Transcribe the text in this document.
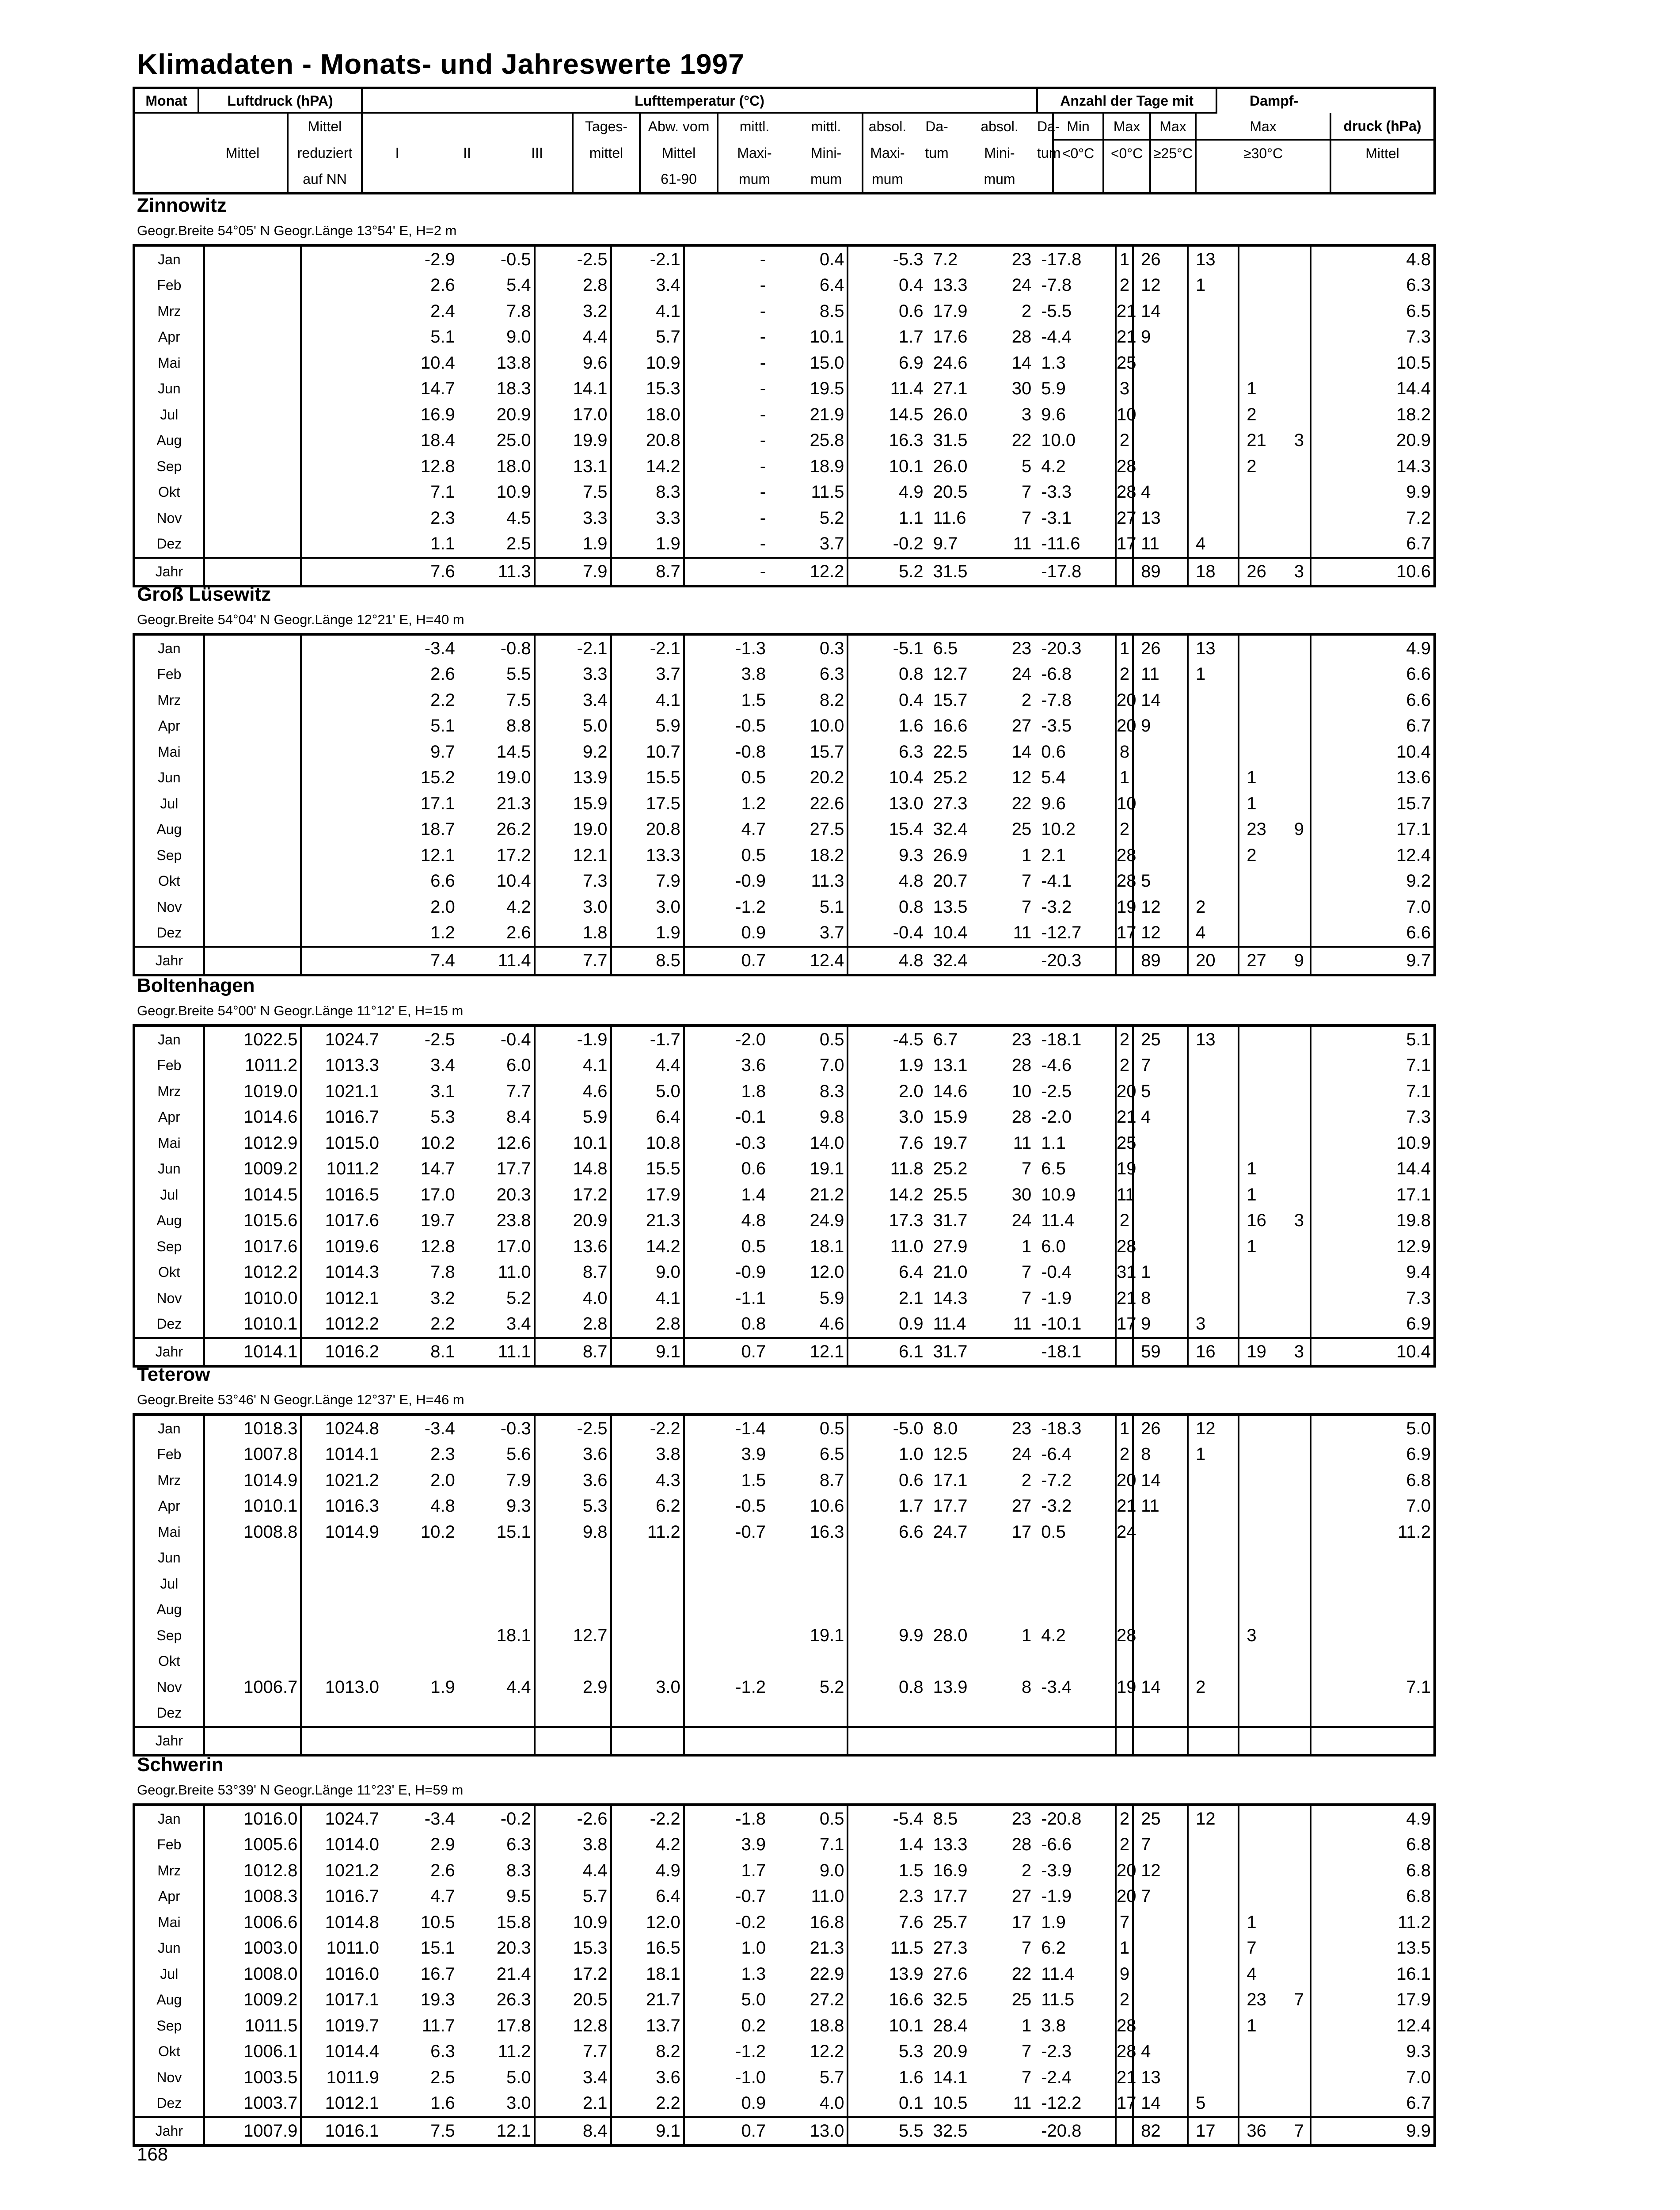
Klimadaten - Monats- und Jahreswerte 1997
Monat	Luftdruck (hPA)		Lufttemperatur (°C)										Anzahl der Tage mit					Dampf-	
		Mittel				Tages-	Abw. vom	mittl.	mittl.	absol.	Da-	absol.	Da-	Min	Max	Max	Max		druck (hPa)
	Mittel	reduziert	I	II	III	mittel	Mittel	Maxi-	Mini-	Maxi-	tum	Mini-	tum	<0°C	<0°C	≥25°C	≥30°C		Mittel
		auf NN					61-90	mum	mum	mum		mum							
Zinnowitz
Geogr.Breite 54°05' N Geogr.Länge 13°54' E, H=2 m
Jan			-2.9	-0.5	-2.5	-2.1	-	0.4	-5.3	7.2	23	-17.8	1	26	13			4.8
Feb			2.6	5.4	2.8	3.4	-	6.4	0.4	13.3	24	-7.8	2	12	1			6.3
Mrz			2.4	7.8	3.2	4.1	-	8.5	0.6	17.9	2	-5.5	21	14				6.5
Apr			5.1	9.0	4.4	5.7	-	10.1	1.7	17.6	28	-4.4	21	9				7.3
Mai			10.4	13.8	9.6	10.9	-	15.0	6.9	24.6	14	1.3	25					10.5
Jun			14.7	18.3	14.1	15.3	-	19.5	11.4	27.1	30	5.9	3			1		14.4
Jul			16.9	20.9	17.0	18.0	-	21.9	14.5	26.0	3	9.6	10			2		18.2
Aug			18.4	25.0	19.9	20.8	-	25.8	16.3	31.5	22	10.0	2			21	3	20.9
Sep			12.8	18.0	13.1	14.2	-	18.9	10.1	26.0	5	4.2	28			2		14.3
Okt			7.1	10.9	7.5	8.3	-	11.5	4.9	20.5	7	-3.3	28	4				9.9
Nov			2.3	4.5	3.3	3.3	-	5.2	1.1	11.6	7	-3.1	27	13				7.2
Dez			1.1	2.5	1.9	1.9	-	3.7	-0.2	9.7	11	-11.6	17	11	4			6.7
Jahr			7.6	11.3	7.9	8.7	-	12.2	5.2	31.5		-17.8		89	18	26	3	10.6
Groß Lüsewitz
Geogr.Breite 54°04' N Geogr.Länge 12°21' E, H=40 m
Jan			-3.4	-0.8	-2.1	-2.1	-1.3	0.3	-5.1	6.5	23	-20.3	1	26	13			4.9
Feb			2.6	5.5	3.3	3.7	3.8	6.3	0.8	12.7	24	-6.8	2	11	1			6.6
Mrz			2.2	7.5	3.4	4.1	1.5	8.2	0.4	15.7	2	-7.8	20	14				6.6
Apr			5.1	8.8	5.0	5.9	-0.5	10.0	1.6	16.6	27	-3.5	20	9				6.7
Mai			9.7	14.5	9.2	10.7	-0.8	15.7	6.3	22.5	14	0.6	8					10.4
Jun			15.2	19.0	13.9	15.5	0.5	20.2	10.4	25.2	12	5.4	1			1		13.6
Jul			17.1	21.3	15.9	17.5	1.2	22.6	13.0	27.3	22	9.6	10			1		15.7
Aug			18.7	26.2	19.0	20.8	4.7	27.5	15.4	32.4	25	10.2	2			23	9	17.1
Sep			12.1	17.2	12.1	13.3	0.5	18.2	9.3	26.9	1	2.1	28			2		12.4
Okt			6.6	10.4	7.3	7.9	-0.9	11.3	4.8	20.7	7	-4.1	28	5				9.2
Nov			2.0	4.2	3.0	3.0	-1.2	5.1	0.8	13.5	7	-3.2	19	12	2			7.0
Dez			1.2	2.6	1.8	1.9	0.9	3.7	-0.4	10.4	11	-12.7	17	12	4			6.6
Jahr			7.4	11.4	7.7	8.5	0.7	12.4	4.8	32.4		-20.3		89	20	27	9	9.7
Boltenhagen
Geogr.Breite 54°00' N Geogr.Länge 11°12' E, H=15 m
Jan	1022.5	1024.7	-2.5	-0.4	-1.9	-1.7	-2.0	0.5	-4.5	6.7	23	-18.1	2	25	13			5.1
Feb	1011.2	1013.3	3.4	6.0	4.1	4.4	3.6	7.0	1.9	13.1	28	-4.6	2	7				7.1
Mrz	1019.0	1021.1	3.1	7.7	4.6	5.0	1.8	8.3	2.0	14.6	10	-2.5	20	5				7.1
Apr	1014.6	1016.7	5.3	8.4	5.9	6.4	-0.1	9.8	3.0	15.9	28	-2.0	21	4				7.3
Mai	1012.9	1015.0	10.2	12.6	10.1	10.8	-0.3	14.0	7.6	19.7	11	1.1	25					10.9
Jun	1009.2	1011.2	14.7	17.7	14.8	15.5	0.6	19.1	11.8	25.2	7	6.5	19			1		14.4
Jul	1014.5	1016.5	17.0	20.3	17.2	17.9	1.4	21.2	14.2	25.5	30	10.9	11			1		17.1
Aug	1015.6	1017.6	19.7	23.8	20.9	21.3	4.8	24.9	17.3	31.7	24	11.4	2			16	3	19.8
Sep	1017.6	1019.6	12.8	17.0	13.6	14.2	0.5	18.1	11.0	27.9	1	6.0	28			1		12.9
Okt	1012.2	1014.3	7.8	11.0	8.7	9.0	-0.9	12.0	6.4	21.0	7	-0.4	31	1				9.4
Nov	1010.0	1012.1	3.2	5.2	4.0	4.1	-1.1	5.9	2.1	14.3	7	-1.9	21	8				7.3
Dez	1010.1	1012.2	2.2	3.4	2.8	2.8	0.8	4.6	0.9	11.4	11	-10.1	17	9	3			6.9
Jahr	1014.1	1016.2	8.1	11.1	8.7	9.1	0.7	12.1	6.1	31.7		-18.1		59	16	19	3	10.4
Teterow
Geogr.Breite 53°46' N Geogr.Länge 12°37' E, H=46 m
Jan	1018.3	1024.8	-3.4	-0.3	-2.5	-2.2	-1.4	0.5	-5.0	8.0	23	-18.3	1	26	12			5.0
Feb	1007.8	1014.1	2.3	5.6	3.6	3.8	3.9	6.5	1.0	12.5	24	-6.4	2	8	1			6.9
Mrz	1014.9	1021.2	2.0	7.9	3.6	4.3	1.5	8.7	0.6	17.1	2	-7.2	20	14				6.8
Apr	1010.1	1016.3	4.8	9.3	5.3	6.2	-0.5	10.6	1.7	17.7	27	-3.2	21	11				7.0
Mai	1008.8	1014.9	10.2	15.1	9.8	11.2	-0.7	16.3	6.6	24.7	17	0.5	24					11.2
Jun																		
Jul																		
Aug																		
Sep				18.1	12.7			19.1	9.9	28.0	1	4.2	28			3		
Okt																		
Nov	1006.7	1013.0	1.9	4.4	2.9	3.0	-1.2	5.2	0.8	13.9	8	-3.4	19	14	2			7.1
Dez																		
Jahr																		
Schwerin
Geogr.Breite 53°39' N Geogr.Länge 11°23' E, H=59 m
Jan	1016.0	1024.7	-3.4	-0.2	-2.6	-2.2	-1.8	0.5	-5.4	8.5	23	-20.8	2	25	12			4.9
Feb	1005.6	1014.0	2.9	6.3	3.8	4.2	3.9	7.1	1.4	13.3	28	-6.6	2	7				6.8
Mrz	1012.8	1021.2	2.6	8.3	4.4	4.9	1.7	9.0	1.5	16.9	2	-3.9	20	12				6.8
Apr	1008.3	1016.7	4.7	9.5	5.7	6.4	-0.7	11.0	2.3	17.7	27	-1.9	20	7				6.8
Mai	1006.6	1014.8	10.5	15.8	10.9	12.0	-0.2	16.8	7.6	25.7	17	1.9	7			1		11.2
Jun	1003.0	1011.0	15.1	20.3	15.3	16.5	1.0	21.3	11.5	27.3	7	6.2	1			7		13.5
Jul	1008.0	1016.0	16.7	21.4	17.2	18.1	1.3	22.9	13.9	27.6	22	11.4	9			4		16.1
Aug	1009.2	1017.1	19.3	26.3	20.5	21.7	5.0	27.2	16.6	32.5	25	11.5	2			23	7	17.9
Sep	1011.5	1019.7	11.7	17.8	12.8	13.7	0.2	18.8	10.1	28.4	1	3.8	28			1		12.4
Okt	1006.1	1014.4	6.3	11.2	7.7	8.2	-1.2	12.2	5.3	20.9	7	-2.3	28	4				9.3
Nov	1003.5	1011.9	2.5	5.0	3.4	3.6	-1.0	5.7	1.6	14.1	7	-2.4	21	13				7.0
Dez	1003.7	1012.1	1.6	3.0	2.1	2.2	0.9	4.0	0.1	10.5	11	-12.2	17	14	5			6.7
Jahr	1007.9	1016.1	7.5	12.1	8.4	9.1	0.7	13.0	5.5	32.5		-20.8		82	17	36	7	9.9
168
